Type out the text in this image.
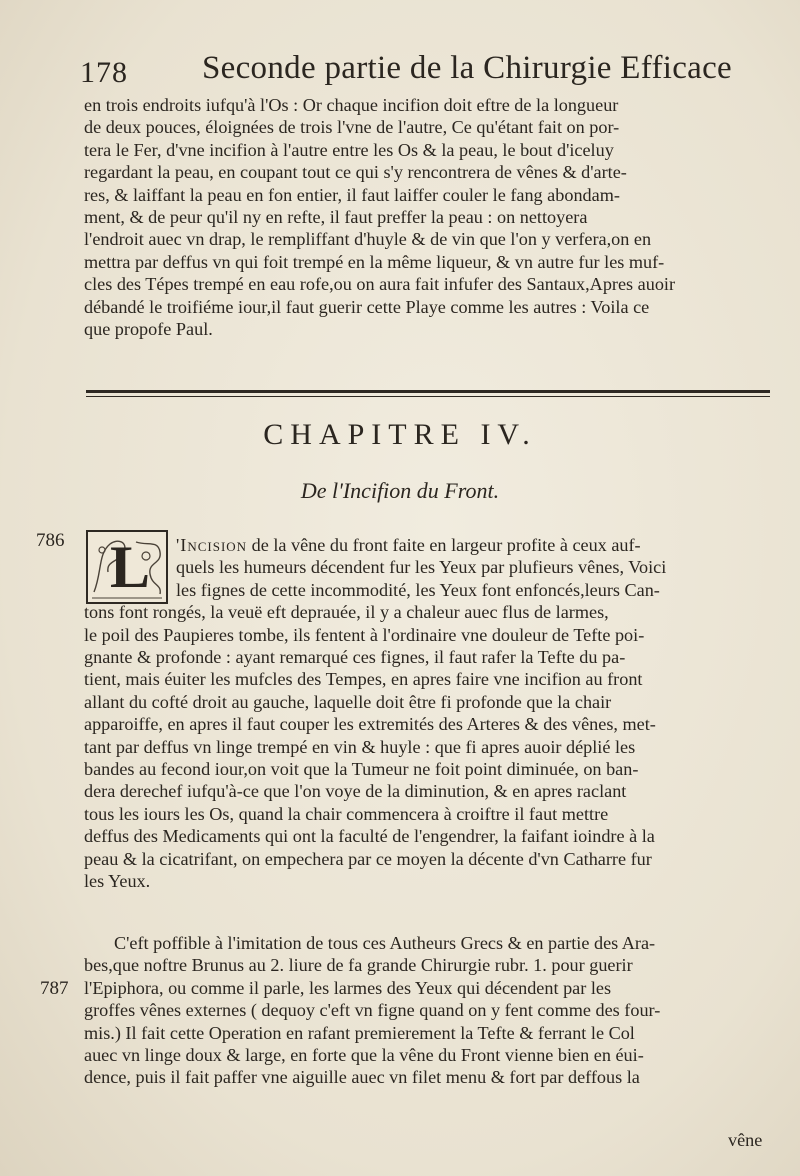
178 Seconde partie de la Chirurgie Efficace

en trois endroits iufqu'à l'Os : Or chaque incifion doit eftre de la longueur

de deux pouces, éloignées de trois l'vne de l'autre, Ce qu'étant fait on por-

tera le Fer, d'vne incifion à l'autre entre les Os & la peau, le bout d'iceluy

regardant la peau, en coupant tout ce qui s'y rencontrera de vênes & d'arte-

res, & laiffant la peau en fon entier, il faut laiffer couler le fang abondam-

ment, & de peur qu'il ny en refte, il faut preffer la peau : on nettoyera

l'endroit auec vn drap, le rempliffant d'huyle & de vin que l'on y verfera,on en

mettra par deffus vn qui foit trempé en la même liqueur, & vn autre fur les muf-

cles des Tépes trempé en eau rofe,ou on aura fait infufer des Santaux,Apres auoir

débandé le troifiéme iour,il faut guerir cette Playe comme les autres : Voila ce

que propofe Paul.

CHAPITRE IV.
De l'Incifion du Front.
786
787
L	'Incision de la vêne du front faite en largeur profite à ceux auf-

quels les humeurs décendent fur les Yeux par plufieurs vênes, Voici

les fignes de cette incommodité, les Yeux font enfoncés,leurs Can-

tons font rongés, la veuë eft deprauée, il y a chaleur auec flus de larmes,

le poil des Paupieres tombe, ils fentent à l'ordinaire vne douleur de Tefte poi-

gnante & profonde : ayant remarqué ces fignes, il faut rafer la Tefte du pa-

tient, mais éuiter les mufcles des Tempes, en apres faire vne incifion au front

allant du cofté droit au gauche, laquelle doit être fi profonde que la chair

apparoiffe, en apres il faut couper les extremités des Arteres & des vênes, met-

tant par deffus vn linge trempé en vin & huyle : que fi apres auoir déplié les

bandes au fecond iour,on voit que la Tumeur ne foit point diminuée, on ban-

dera derechef iufqu'à-ce que l'on voye de la diminution, & en apres raclant

tous les iours les Os, quand la chair commencera à croiftre il faut mettre

deffus des Medicaments qui ont la faculté de l'engendrer, la faifant ioindre à la

peau & la cicatrifant, on empechera par ce moyen la décente d'vn Catharre fur

les Yeux.

C'eft poffible à l'imitation de tous ces Autheurs Grecs & en partie des Ara-

bes,que noftre Brunus au 2. liure de fa grande Chirurgie rubr. 1. pour guerir

l'Epiphora, ou comme il parle, les larmes des Yeux qui décendent par les

groffes vênes externes ( dequoy c'eft vn figne quand on y fent comme des four-

mis.) Il fait cette Operation en rafant premierement la Tefte & ferrant le Col

auec vn linge doux & large, en forte que la vêne du Front vienne bien en éui-

dence, puis il fait paffer vne aiguille auec vn filet menu & fort par deffous la

vêne
